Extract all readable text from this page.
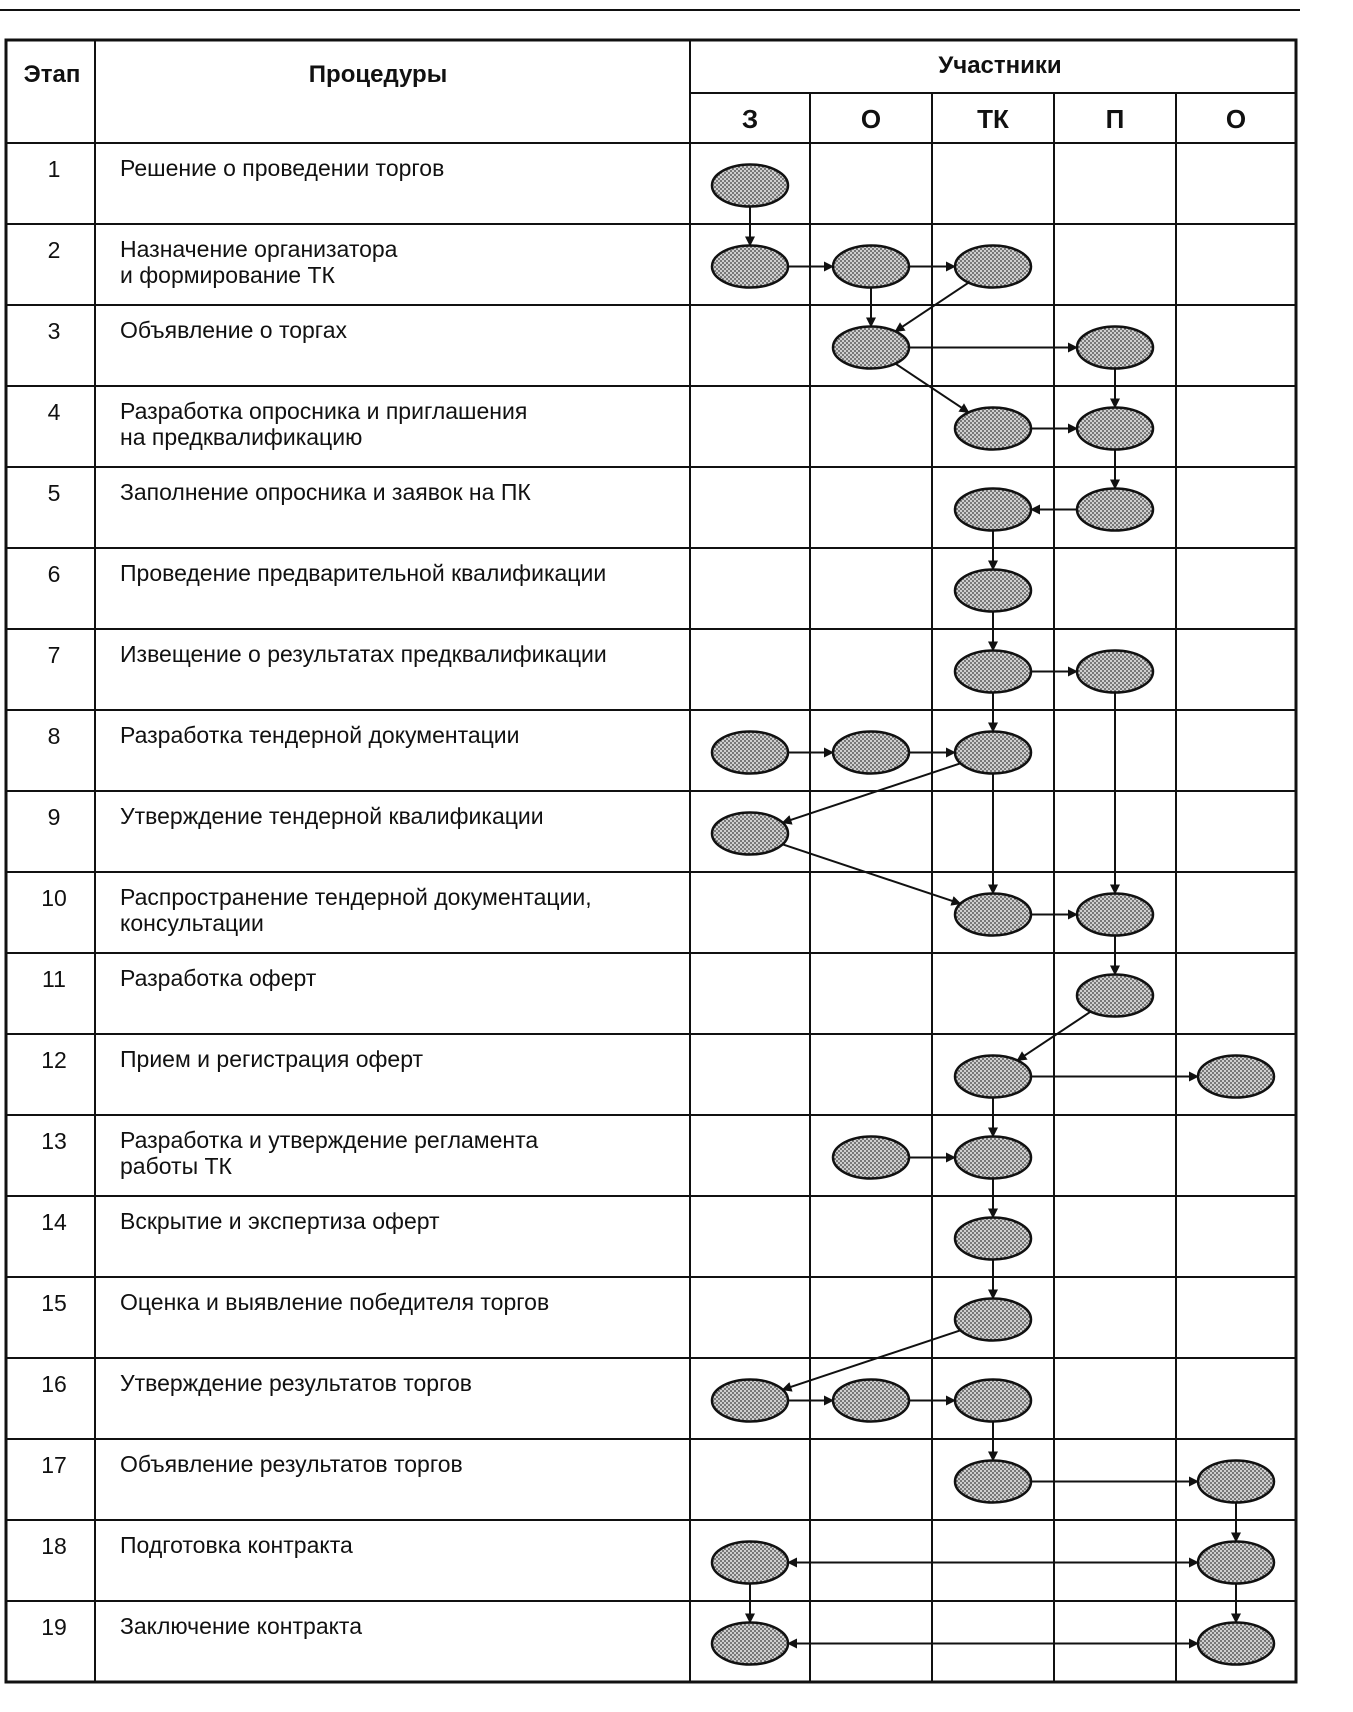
Этап	Процедуры	Участники
З	О	ТК	П	О
1	Решение о проведении торгов
2	Назначение организатора
и формирование ТК
3	Объявление о торгах
4	Разработка опросника и приглашения
на предквалификацию
5	Заполнение опросника и заявок на ПК
6	Проведение предварительной квалификации
7	Извещение о результатах предквалификации
8	Разработка тендерной документации
9	Утверждение тендерной квалификации
10 Распространение тендерной документации,
консультации
11 Разработка оферт
12 Прием и регистрация оферт
13 Разработка и утверждение регламента
работы ТК
14 Вскрытие и экспертиза оферт
15 Оценка и выявление победителя торгов
16 Утверждение результатов торгов
17 Объявление результатов торгов
18 Подготовка контракта
19 Заключение контракта
